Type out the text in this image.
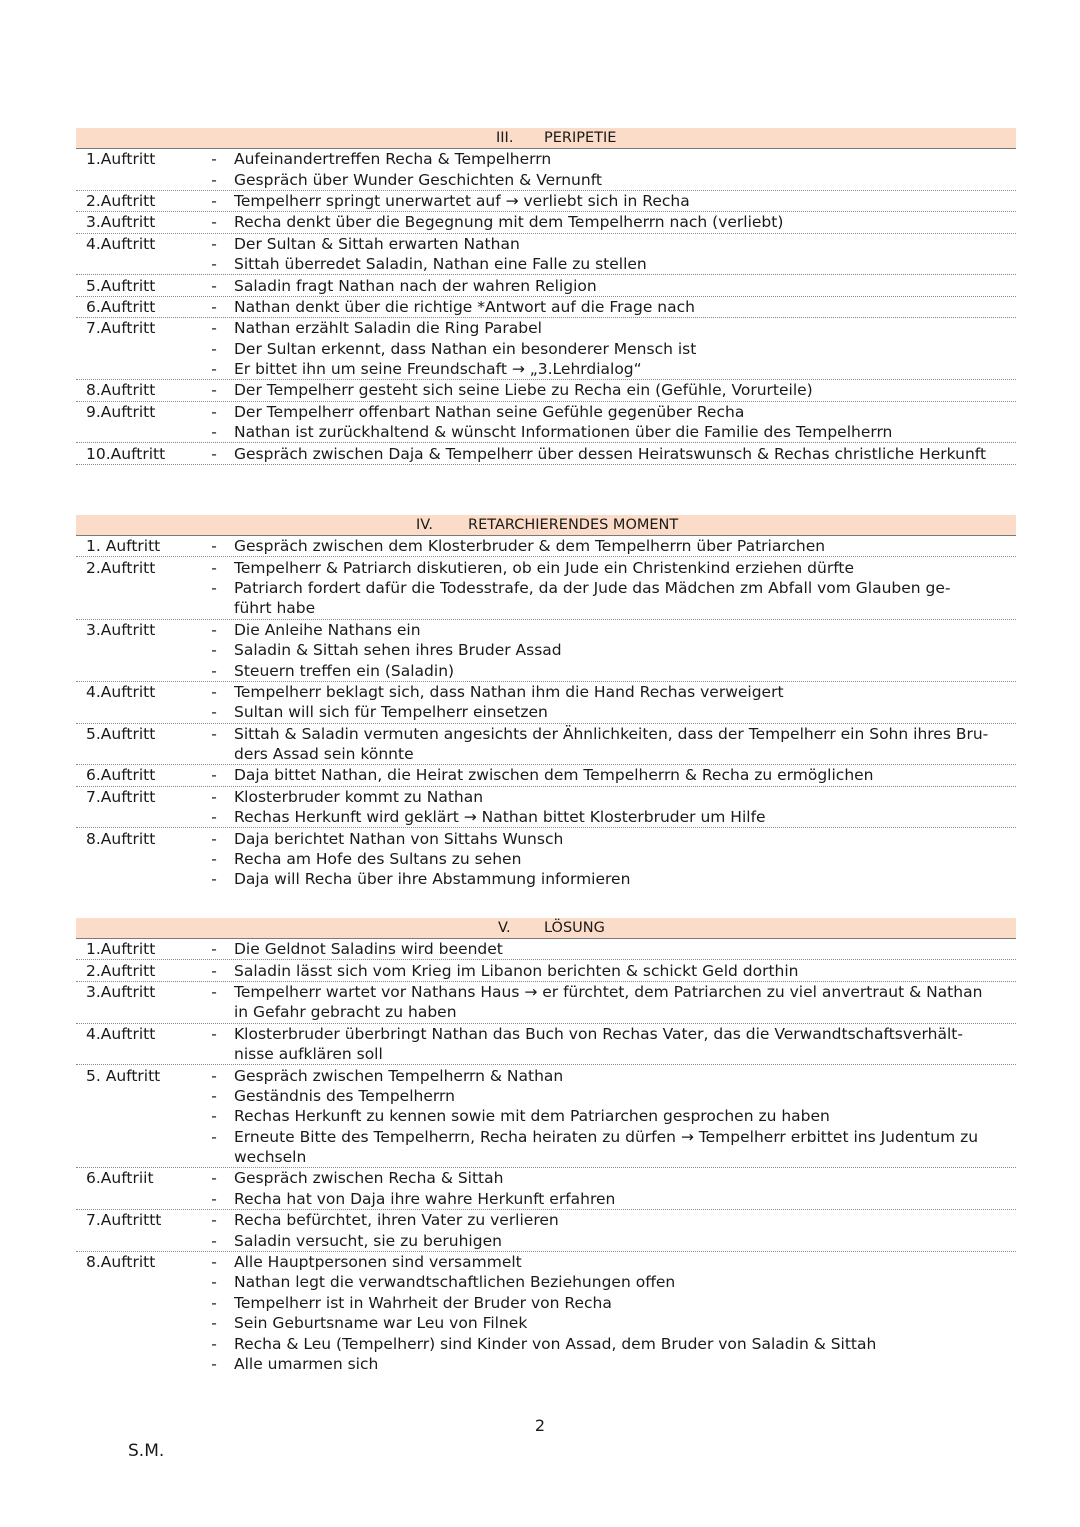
III. PERIPETIE
1.Auftritt	-	Aufeinandertreffen Recha & Tempelherrn
-	Gespräch über Wunder Geschichten & Vernunft
2.Auftritt	-	Tempelherr springt unerwartet auf → verliebt sich in Recha
3.Auftritt	-	Recha denkt über die Begegnung mit dem Tempelherrn nach (verliebt)
4.Auftritt	-	Der Sultan & Sittah erwarten Nathan
-	Sittah überredet Saladin, Nathan eine Falle zu stellen
5.Auftritt	-	Saladin fragt Nathan nach der wahren Religion
6.Auftritt	-	Nathan denkt über die richtige *Antwort auf die Frage nach
7.Auftritt	-	Nathan erzählt Saladin die Ring Parabel
-	Der Sultan erkennt, dass Nathan ein besonderer Mensch ist
-	Er bittet ihn um seine Freundschaft → „3.Lehrdialog“
8.Auftritt	-	Der Tempelherr gesteht sich seine Liebe zu Recha ein (Gefühle, Vorurteile)
9.Auftritt	-	Der Tempelherr offenbart Nathan seine Gefühle gegenüber Recha
-	Nathan ist zurückhaltend & wünscht Informationen über die Familie des Tempelherrn
10.Auftritt	-	Gespräch zwischen Daja & Tempelherr über dessen Heiratswunsch & Rechas christliche Herkunft
IV. RETARCHIERENDES MOMENT
1. Auftritt	-	Gespräch zwischen dem Klosterbruder & dem Tempelherrn über Patriarchen
2.Auftritt	-	Tempelherr & Patriarch diskutieren, ob ein Jude ein Christenkind erziehen dürfte
-	Patriarch fordert dafür die Todesstrafe, da der Jude das Mädchen zm Abfall vom Glauben ge-
führt habe
3.Auftritt	-	Die Anleihe Nathans ein
-	Saladin & Sittah sehen ihres Bruder Assad
-	Steuern treffen ein (Saladin)
4.Auftritt	-	Tempelherr beklagt sich, dass Nathan ihm die Hand Rechas verweigert
-	Sultan will sich für Tempelherr einsetzen
5.Auftritt	-	Sittah & Saladin vermuten angesichts der Ähnlichkeiten, dass der Tempelherr ein Sohn ihres Bru-
ders Assad sein könnte
6.Auftritt	-	Daja bittet Nathan, die Heirat zwischen dem Tempelherrn & Recha zu ermöglichen
7.Auftritt	-	Klosterbruder kommt zu Nathan
-	Rechas Herkunft wird geklärt → Nathan bittet Klosterbruder um Hilfe
8.Auftritt	-	Daja berichtet Nathan von Sittahs Wunsch
-	Recha am Hofe des Sultans zu sehen
-	Daja will Recha über ihre Abstammung informieren
V. LÖSUNG
1.Auftritt	-	Die Geldnot Saladins wird beendet
2.Auftritt	-	Saladin lässt sich vom Krieg im Libanon berichten & schickt Geld dorthin
3.Auftritt	-	Tempelherr wartet vor Nathans Haus → er fürchtet, dem Patriarchen zu viel anvertraut & Nathan
in Gefahr gebracht zu haben
4.Auftritt	-	Klosterbruder überbringt Nathan das Buch von Rechas Vater, das die Verwandtschaftsverhält-
nisse aufklären soll
5. Auftritt	-	Gespräch zwischen Tempelherrn & Nathan
-	Geständnis des Tempelherrn
-	Rechas Herkunft zu kennen sowie mit dem Patriarchen gesprochen zu haben
-	Erneute Bitte des Tempelherrn, Recha heiraten zu dürfen → Tempelherr erbittet ins Judentum zu
wechseln
6.Auftriit	-	Gespräch zwischen Recha & Sittah
-	Recha hat von Daja ihre wahre Herkunft erfahren
7.Auftrittt	-	Recha befürchtet, ihren Vater zu verlieren
-	Saladin versucht, sie zu beruhigen
8.Auftritt	-	Alle Hauptpersonen sind versammelt
-	Nathan legt die verwandtschaftlichen Beziehungen offen
-	Tempelherr ist in Wahrheit der Bruder von Recha
-	Sein Geburtsname war Leu von Filnek
-	Recha & Leu (Tempelherr) sind Kinder von Assad, dem Bruder von Saladin & Sittah
-	Alle umarmen sich
2
S.M.
